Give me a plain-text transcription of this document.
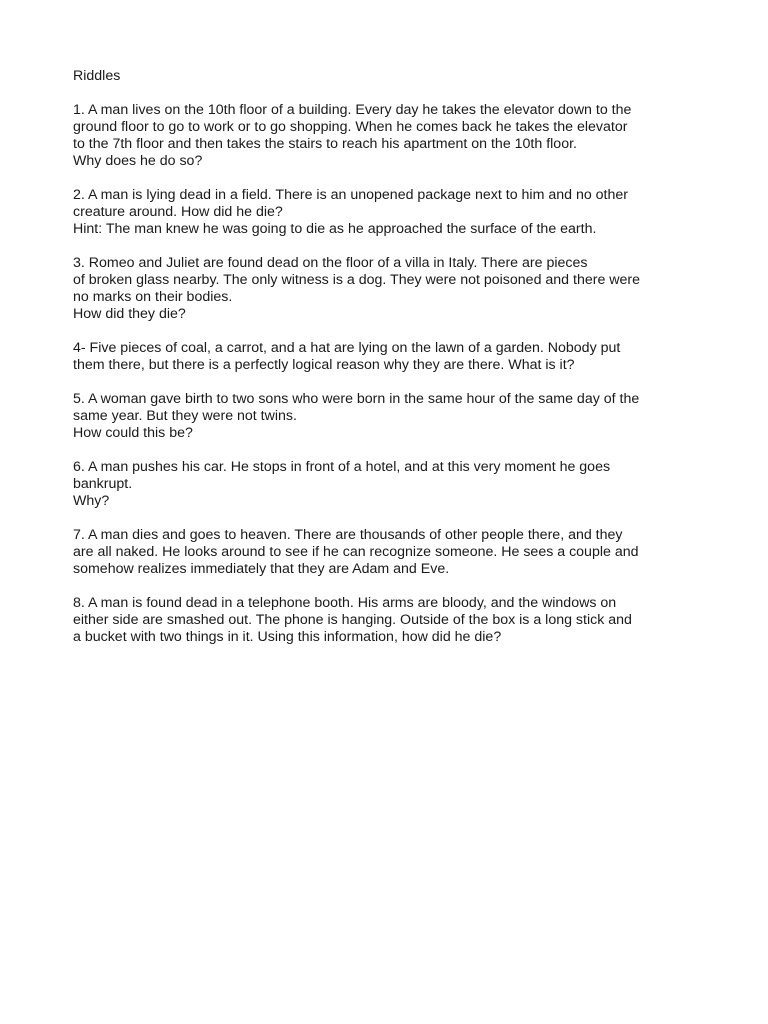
Riddles
1. A man lives on the 10th floor of a building. Every day he takes the elevator down to the
ground floor to go to work or to go shopping. When he comes back he takes the elevator
to the 7th floor and then takes the stairs to reach his apartment on the 10th floor.
Why does he do so?
2. A man is lying dead in a field. There is an unopened package next to him and no other
creature around. How did he die?
Hint: The man knew he was going to die as he approached the surface of the earth.
3. Romeo and Juliet are found dead on the floor of a villa in Italy. There are pieces
of broken glass nearby. The only witness is a dog. They were not poisoned and there were
no marks on their bodies.
How did they die?
4- Five pieces of coal, a carrot, and a hat are lying on the lawn of a garden. Nobody put
them there, but there is a perfectly logical reason why they are there. What is it?
5. A woman gave birth to two sons who were born in the same hour of the same day of the
same year. But they were not twins.
How could this be?
6. A man pushes his car. He stops in front of a hotel, and at this very moment he goes
bankrupt.
Why?
7. A man dies and goes to heaven. There are thousands of other people there, and they
are all naked. He looks around to see if he can recognize someone. He sees a couple and
somehow realizes immediately that they are Adam and Eve.
8. A man is found dead in a telephone booth. His arms are bloody, and the windows on
either side are smashed out. The phone is hanging. Outside of the box is a long stick and
a bucket with two things in it. Using this information, how did he die?
